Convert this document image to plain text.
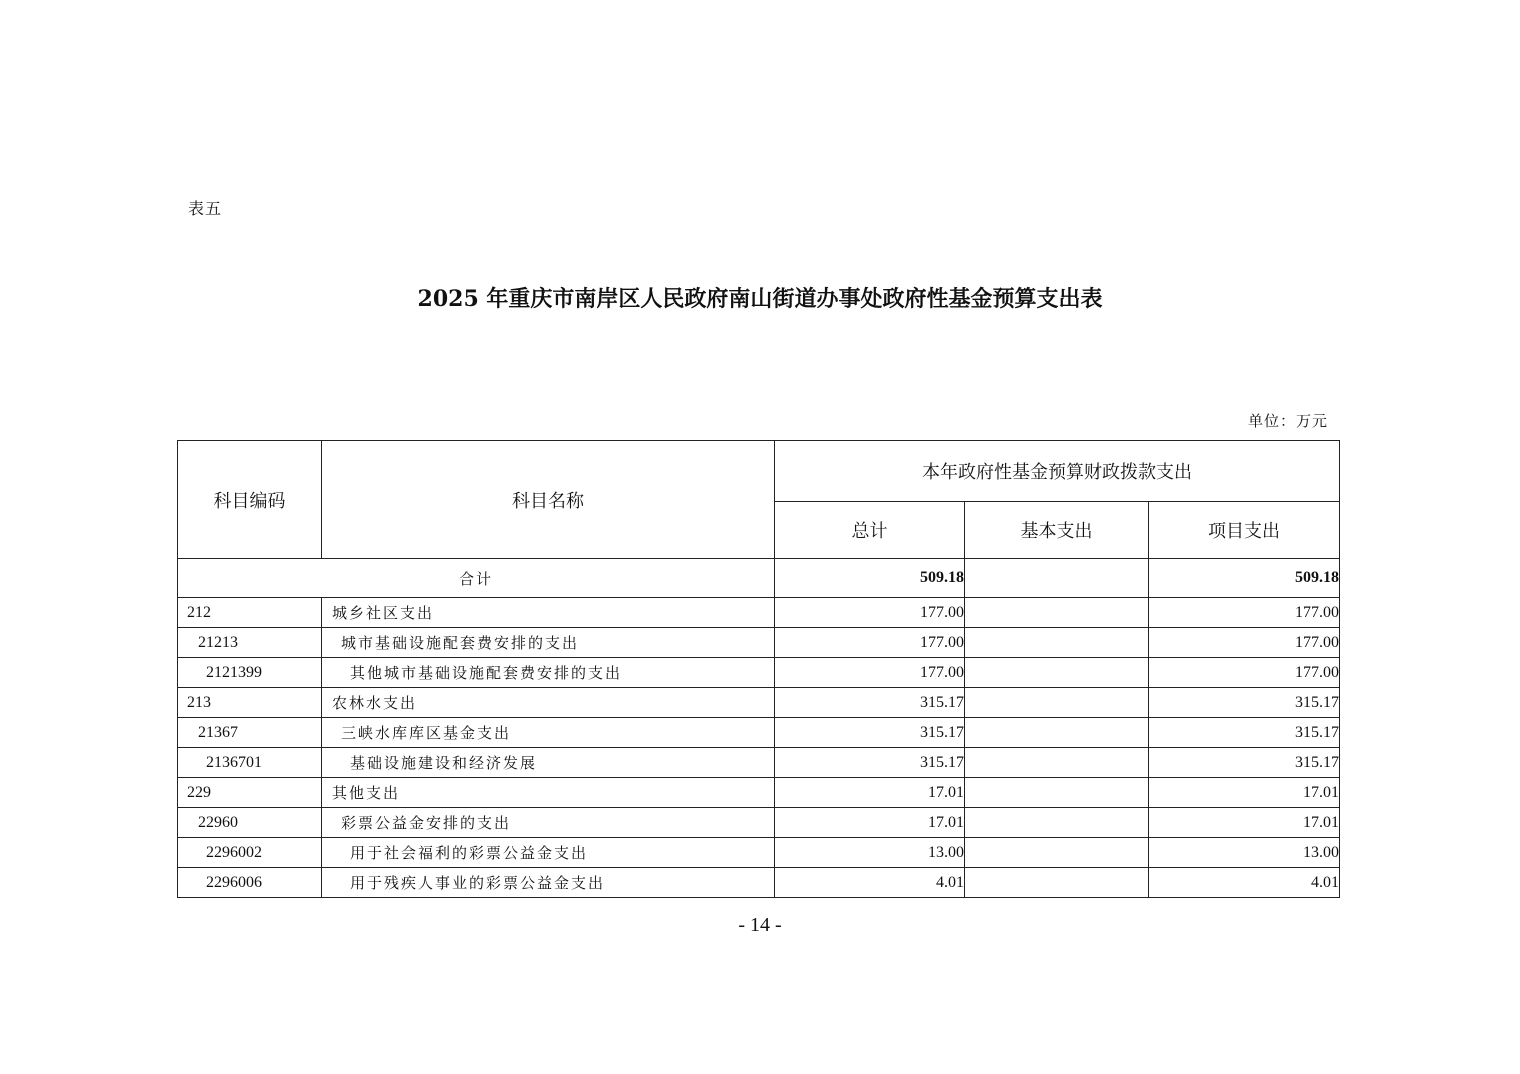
表五
2025 年重庆市南岸区人民政府南山街道办事处政府性基金预算支出表
单位：万元
科目编码	科目名称	本年政府性基金预算财政拨款支出		
		总计	基本支出	项目支出
合计		509.18		509.18
212	城乡社区支出	177.00		177.00
21213	城市基础设施配套费安排的支出	177.00		177.00
2121399	其他城市基础设施配套费安排的支出	177.00		177.00
213	农林水支出	315.17		315.17
21367	三峡水库库区基金支出	315.17		315.17
2136701	基础设施建设和经济发展	315.17		315.17
229	其他支出	17.01		17.01
22960	彩票公益金安排的支出	17.01		17.01
2296002	用于社会福利的彩票公益金支出	13.00		13.00
2296006	用于残疾人事业的彩票公益金支出	4.01		4.01
- 14 -
